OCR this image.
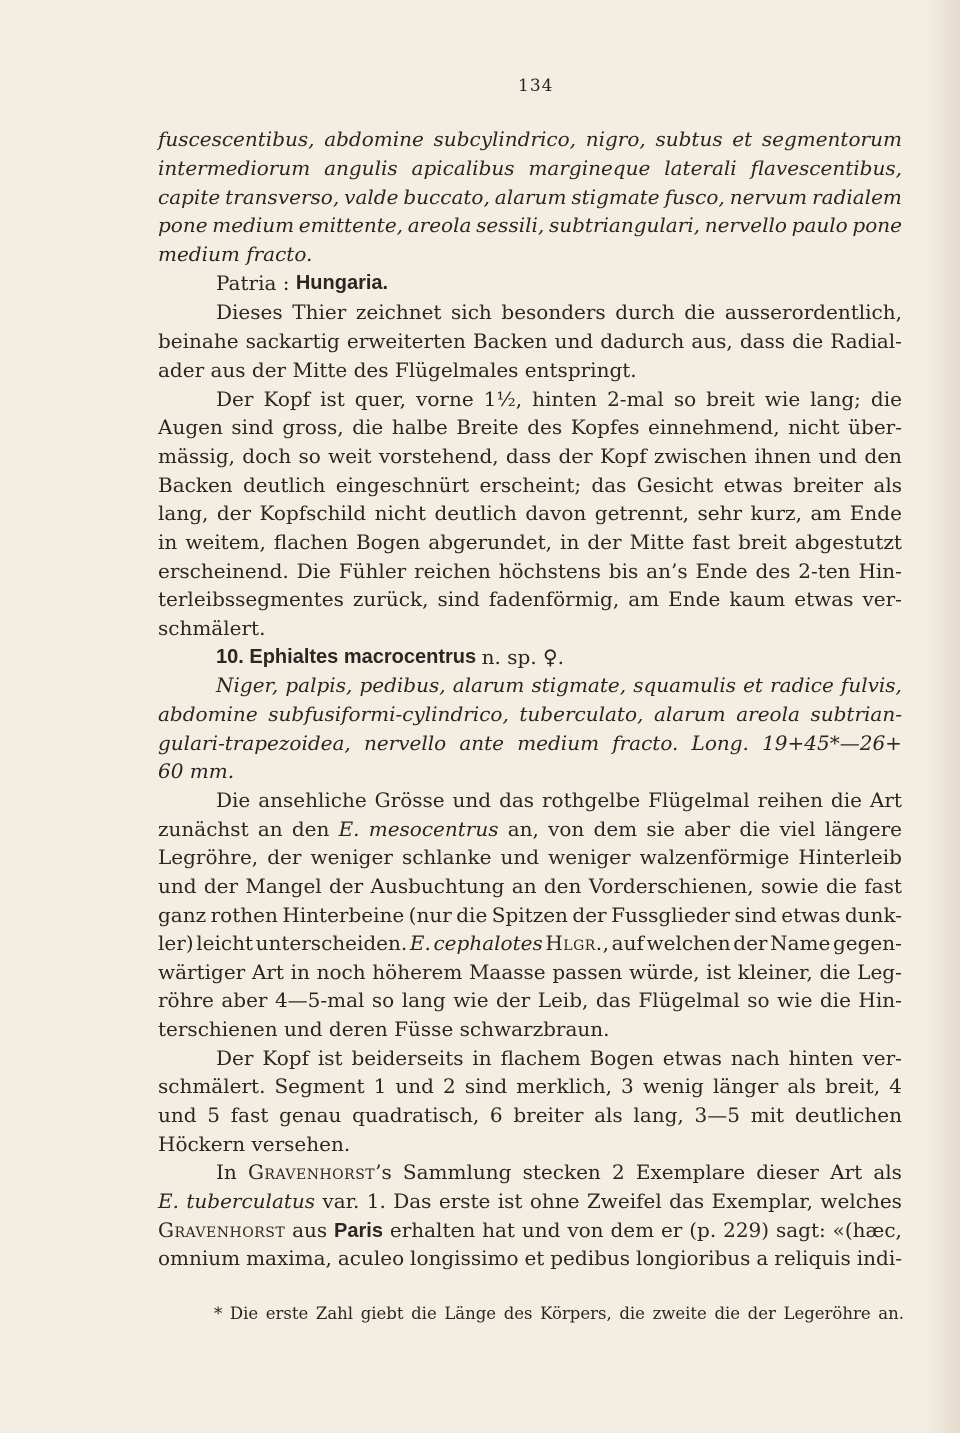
134
fuscescentibus, abdomine subcylindrico, nigro, subtus et segmentorum
intermediorum angulis apicalibus margineque laterali flavescentibus,
capite transverso, valde buccato, alarum stigmate fusco, nervum radialem
pone medium emittente, areola sessili, subtriangulari, nervello paulo pone
medium fracto.
Patria : Hungaria.
Dieses Thier zeichnet sich besonders durch die ausserordentlich,
beinahe sackartig erweiterten Backen und dadurch aus, dass die Radial-
ader aus der Mitte des Flügelmales entspringt.
Der Kopf ist quer, vorne 1½, hinten 2-mal so breit wie lang; die
Augen sind gross, die halbe Breite des Kopfes einnehmend, nicht über-
mässig, doch so weit vorstehend, dass der Kopf zwischen ihnen und den
Backen deutlich eingeschnürt erscheint; das Gesicht etwas breiter als
lang, der Kopfschild nicht deutlich davon getrennt, sehr kurz, am Ende
in weitem, flachen Bogen abgerundet, in der Mitte fast breit abgestutzt
erscheinend. Die Fühler reichen höchstens bis an’s Ende des 2-ten Hin-
terleibssegmentes zurück, sind fadenförmig, am Ende kaum etwas ver-
schmälert.
10. Ephialtes macrocentrus n. sp. ♀.
Niger, palpis, pedibus, alarum stigmate, squamulis et radice fulvis,
abdomine subfusiformi-cylindrico, tuberculato, alarum areola subtrian-
gulari-trapezoidea, nervello ante medium fracto. Long. 19+45*—26+
60 mm.
Die ansehliche Grösse und das rothgelbe Flügelmal reihen die Art
zunächst an den E. mesocentrus an, von dem sie aber die viel längere
Legröhre, der weniger schlanke und weniger walzenförmige Hinterleib
und der Mangel der Ausbuchtung an den Vorderschienen, sowie die fast
ganz rothen Hinterbeine (nur die Spitzen der Fussglieder sind etwas dunk-
ler) leicht unterscheiden. E. cephalotes Hlgr., auf welchen der Name gegen-
wärtiger Art in noch höherem Maasse passen würde, ist kleiner, die Leg-
röhre aber 4—5-mal so lang wie der Leib, das Flügelmal so wie die Hin-
terschienen und deren Füsse schwarzbraun.
Der Kopf ist beiderseits in flachem Bogen etwas nach hinten ver-
schmälert. Segment 1 und 2 sind merklich, 3 wenig länger als breit, 4
und 5 fast genau quadratisch, 6 breiter als lang, 3—5 mit deutlichen
Höckern versehen.
In Gravenhorst’s Sammlung stecken 2 Exemplare dieser Art als
E. tuberculatus var. 1. Das erste ist ohne Zweifel das Exemplar, welches
Gravenhorst aus Paris erhalten hat und von dem er (p. 229) sagt: «(hæc,
omnium maxima, aculeo longissimo et pedibus longioribus a reliquis indi-
* Die erste Zahl giebt die Länge des Körpers, die zweite die der Legeröhre an.
